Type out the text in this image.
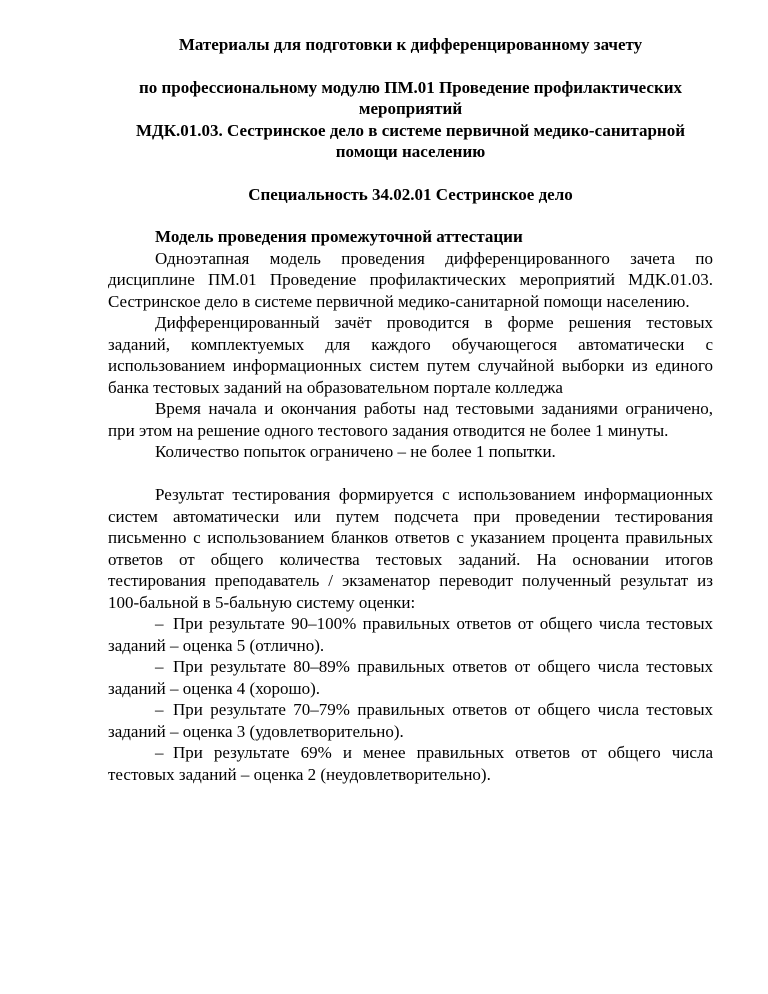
Материалы для подготовки к дифференцированному зачету
по профессиональному модулю ПМ.01 Проведение профилактических мероприятий
МДК.01.03. Сестринское дело в системе первичной медико-санитарной помощи населению
Специальность 34.02.01 Сестринское дело
Модель проведения промежуточной аттестации

Одноэтапная модель проведения дифференцированного зачета по дисциплине ПМ.01 Проведение профилактических мероприятий МДК.01.03. Сестринское дело в системе первичной медико-санитарной помощи населению.

Дифференцированный зачёт проводится в форме решения тестовых заданий, комплектуемых для каждого обучающегося автоматически с использованием информационных систем путем случайной выборки из единого банка тестовых заданий на образовательном портале колледжа

Время начала и окончания работы над тестовыми заданиями ограничено, при этом на решение одного тестового задания отводится не более 1 минуты.

Количество попыток ограничено – не более 1 попытки.

Результат тестирования формируется с использованием информационных систем автоматически или путем подсчета при проведении тестирования письменно с использованием бланков ответов с указанием процента правильных ответов от общего количества тестовых заданий. На основании итогов тестирования преподаватель / экзаменатор переводит полученный результат из 100-бальной в 5-бальную систему оценки:

– При результате 90–100% правильных ответов от общего числа тестовых заданий – оценка 5 (отлично).

– При результате 80–89% правильных ответов от общего числа тестовых заданий – оценка 4 (хорошо).

– При результате 70–79% правильных ответов от общего числа тестовых заданий – оценка 3 (удовлетворительно).

– При результате 69% и менее правильных ответов от общего числа тестовых заданий – оценка 2 (неудовлетворительно).
